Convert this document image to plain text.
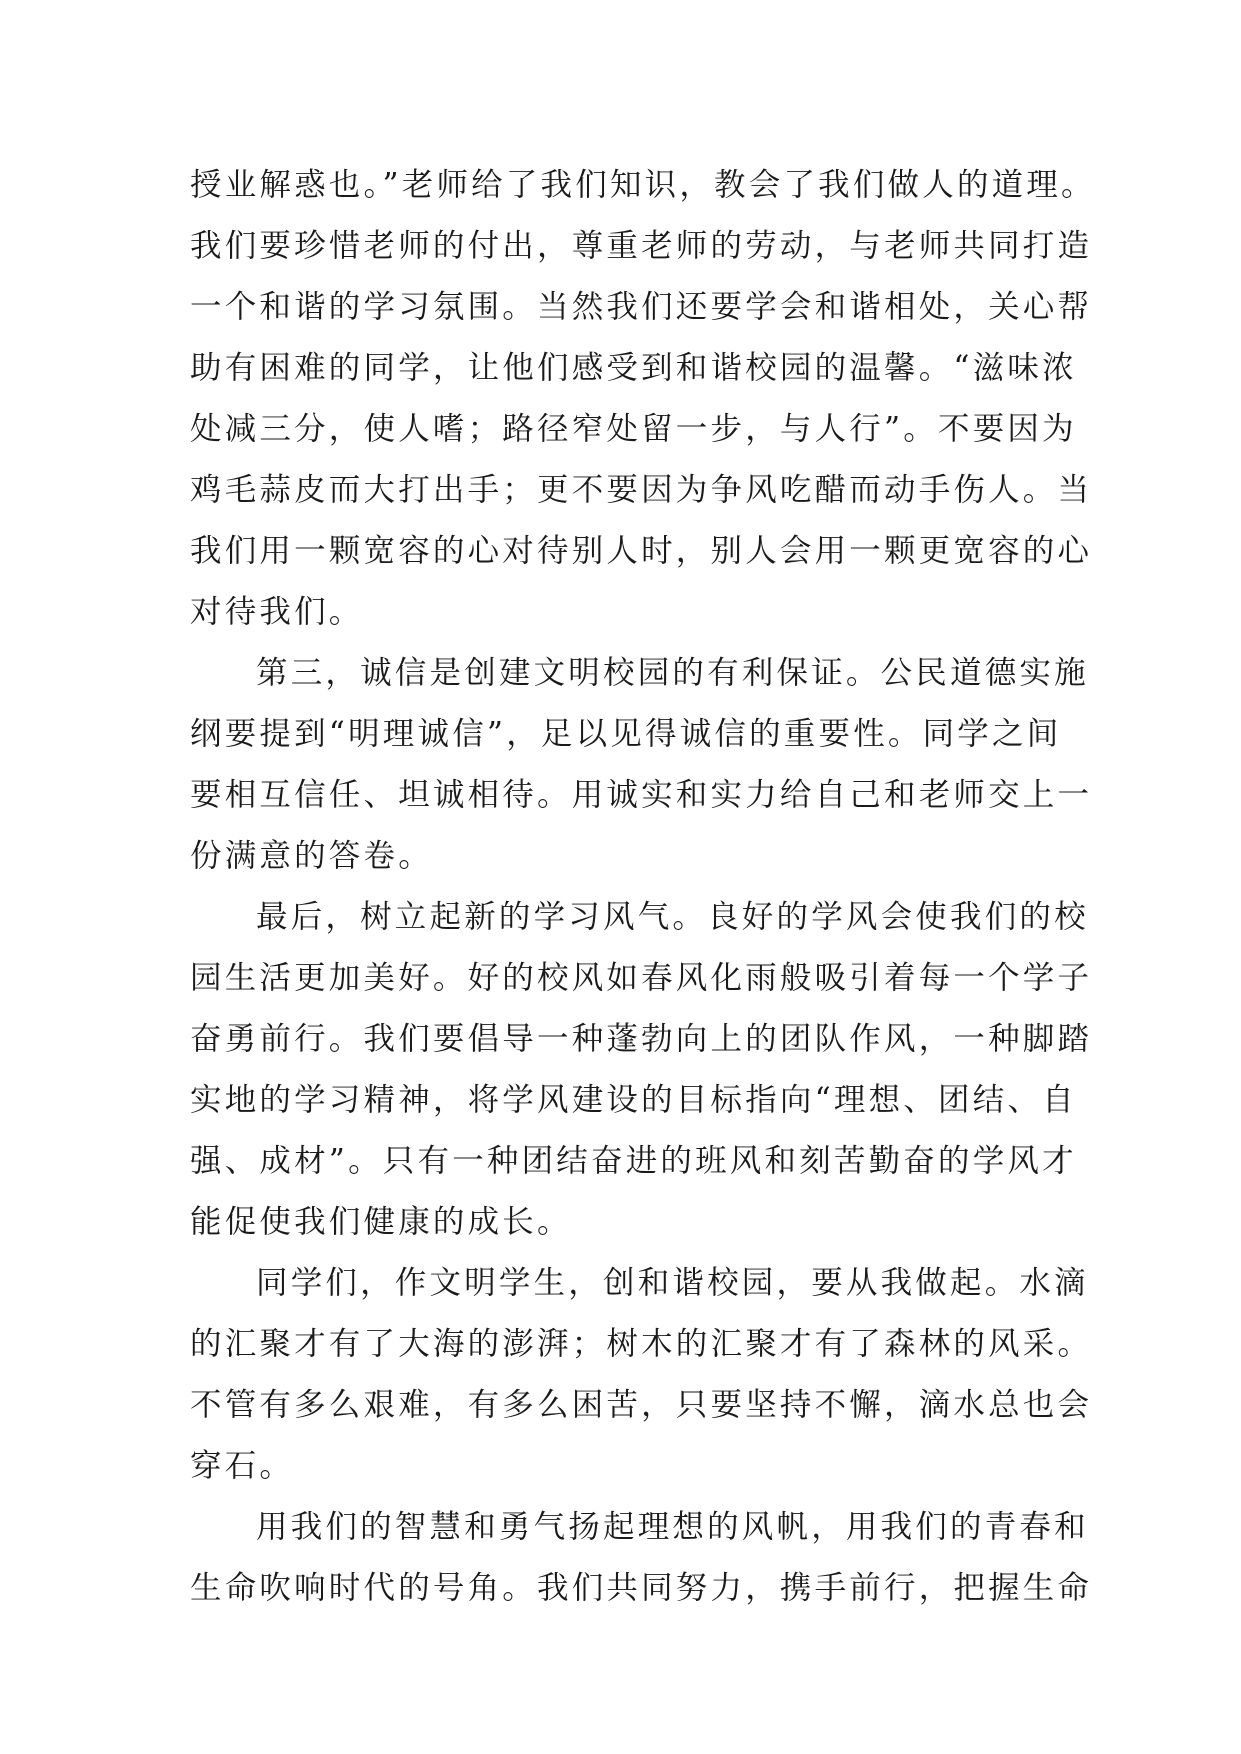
授业解惑也。”老师给了我们知识，教会了我们做人的道理。
我们要珍惜老师的付出，尊重老师的劳动，与老师共同打造
一个和谐的学习氛围。当然我们还要学会和谐相处，关心帮
助有困难的同学，让他们感受到和谐校园的温馨。“滋味浓
处减三分，使人嗜；路径窄处留一步，与人行”。不要因为
鸡毛蒜皮而大打出手；更不要因为争风吃醋而动手伤人。当
我们用一颗宽容的心对待别人时，别人会用一颗更宽容的心
对待我们。
第三，诚信是创建文明校园的有利保证。公民道德实施
纲要提到“明理诚信”，足以见得诚信的重要性。同学之间
要相互信任、坦诚相待。用诚实和实力给自己和老师交上一
份满意的答卷。
最后，树立起新的学习风气。良好的学风会使我们的校
园生活更加美好。好的校风如春风化雨般吸引着每一个学子
奋勇前行。我们要倡导一种蓬勃向上的团队作风，一种脚踏
实地的学习精神，将学风建设的目标指向“理想、团结、自
强、成材”。只有一种团结奋进的班风和刻苦勤奋的学风才
能促使我们健康的成长。
同学们，作文明学生，创和谐校园，要从我做起。水滴
的汇聚才有了大海的澎湃；树木的汇聚才有了森林的风采。
不管有多么艰难，有多么困苦，只要坚持不懈，滴水总也会
穿石。
用我们的智慧和勇气扬起理想的风帆，用我们的青春和
生命吹响时代的号角。我们共同努力，携手前行，把握生命
